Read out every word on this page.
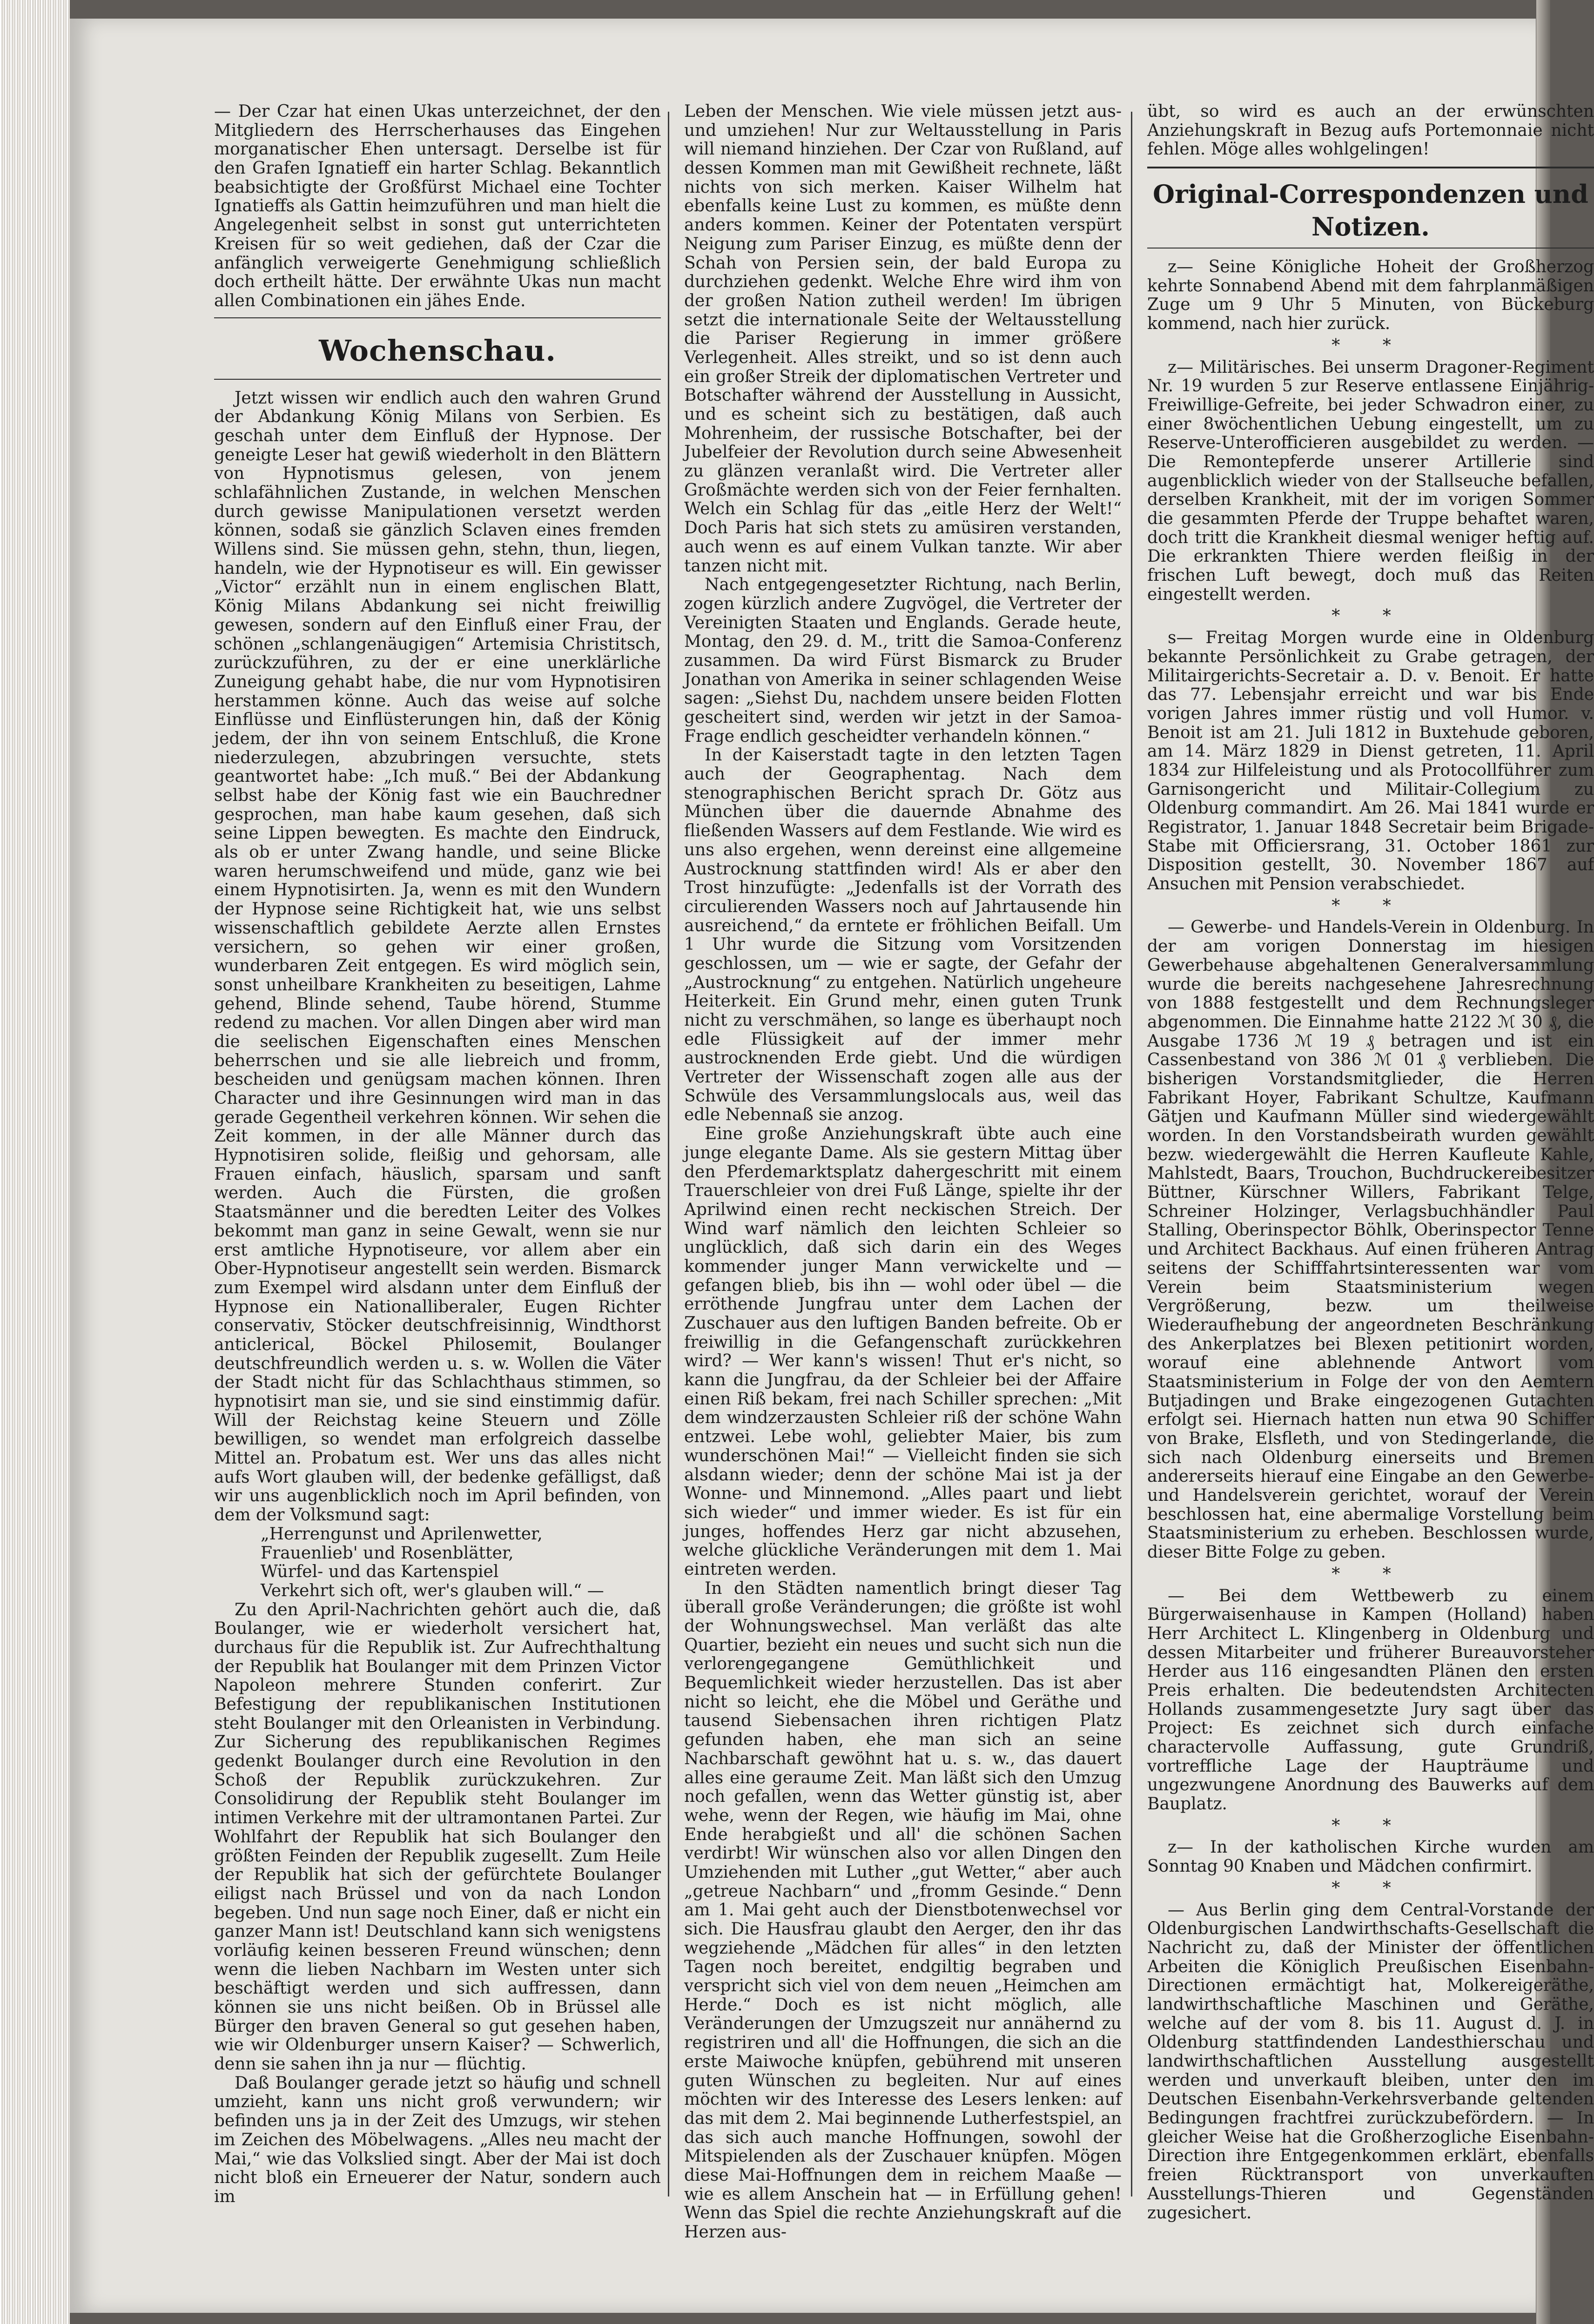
— Der Czar hat einen Ukas unterzeichnet, der den Mitgliedern des Herrscherhauses das Eingehen morganatischer Ehen untersagt. Derselbe ist für den Grafen Ignatieff ein harter Schlag. Bekanntlich beabsichtigte der Großfürst Michael eine Tochter Ignatieffs als Gattin heimzuführen und man hielt die Angelegenheit selbst in sonst gut unterrichteten Kreisen für so weit gediehen, daß der Czar die anfänglich verweigerte Genehmigung schließlich doch ertheilt hätte. Der erwähnte Ukas nun macht allen Combinationen ein jähes Ende.

Wochenschau.

Jetzt wissen wir endlich auch den wahren Grund der Abdankung König Milans von Serbien. Es geschah unter dem Einfluß der Hypnose. Der geneigte Leser hat gewiß wiederholt in den Blättern von Hypnotismus gelesen, von jenem schlafähnlichen Zustande, in welchen Menschen durch gewisse Manipulationen versetzt werden können, sodaß sie gänzlich Sclaven eines fremden Willens sind. Sie müssen gehn, stehn, thun, liegen, handeln, wie der Hypnotiseur es will. Ein gewisser „Victor“ erzählt nun in einem englischen Blatt, König Milans Abdankung sei nicht freiwillig gewesen, sondern auf den Einfluß einer Frau, der schönen „schlangenäugigen“ Artemisia Christitsch, zurückzuführen, zu der er eine unerklärliche Zuneigung gehabt habe, die nur vom Hypnotisiren herstammen könne. Auch das weise auf solche Einflüsse und Einflüsterungen hin, daß der König jedem, der ihn von seinem Entschluß, die Krone niederzulegen, abzubringen versuchte, stets geantwortet habe: „Ich muß.“ Bei der Abdankung selbst habe der König fast wie ein Bauchredner gesprochen, man habe kaum gesehen, daß sich seine Lippen bewegten. Es machte den Eindruck, als ob er unter Zwang handle, und seine Blicke waren herumschweifend und müde, ganz wie bei einem Hypnotisirten. Ja, wenn es mit den Wundern der Hypnose seine Richtigkeit hat, wie uns selbst wissenschaftlich gebildete Aerzte allen Ernstes versichern, so gehen wir einer großen, wunderbaren Zeit entgegen. Es wird möglich sein, sonst unheilbare Krankheiten zu beseitigen, Lahme gehend, Blinde sehend, Taube hörend, Stumme redend zu machen. Vor allen Dingen aber wird man die seelischen Eigenschaften eines Menschen beherrschen und sie alle liebreich und fromm, bescheiden und genügsam machen können. Ihren Character und ihre Gesinnungen wird man in das gerade Gegentheil verkehren können. Wir sehen die Zeit kommen, in der alle Männer durch das Hypnotisiren solide, fleißig und gehorsam, alle Frauen einfach, häuslich, sparsam und sanft werden. Auch die Fürsten, die großen Staatsmänner und die beredten Leiter des Volkes bekommt man ganz in seine Gewalt, wenn sie nur erst amtliche Hypnotiseure, vor allem aber ein Ober-Hypnotiseur angestellt sein werden. Bismarck zum Exempel wird alsdann unter dem Einfluß der Hypnose ein Nationalliberaler, Eugen Richter conservativ, Stöcker deutschfreisinnig, Windthorst anticlerical, Böckel Philosemit, Boulanger deutschfreundlich werden u. s. w. Wollen die Väter der Stadt nicht für das Schlachthaus stimmen, so hypnotisirt man sie, und sie sind einstimmig dafür. Will der Reichstag keine Steuern und Zölle bewilligen, so wendet man erfolgreich dasselbe Mittel an. Probatum est. Wer uns das alles nicht aufs Wort glauben will, der bedenke gefälligst, daß wir uns augenblicklich noch im April befinden, von dem der Volksmund sagt:

„Herrengunst und Aprilenwetter,

Frauenlieb' und Rosenblätter,

Würfel- und das Kartenspiel

Verkehrt sich oft, wer's glauben will.“ —

Zu den April-Nachrichten gehört auch die, daß Boulanger, wie er wiederholt versichert hat, durchaus für die Republik ist. Zur Aufrechthaltung der Republik hat Boulanger mit dem Prinzen Victor Napoleon mehrere Stunden conferirt. Zur Befestigung der republikanischen Institutionen steht Boulanger mit den Orleanisten in Verbindung. Zur Sicherung des republikanischen Regimes gedenkt Boulanger durch eine Revolution in den Schoß der Republik zurückzukehren. Zur Consolidirung der Republik steht Boulanger im intimen Verkehre mit der ultramontanen Partei. Zur Wohlfahrt der Republik hat sich Boulanger den größten Feinden der Republik zugesellt. Zum Heile der Republik hat sich der gefürchtete Boulanger eiligst nach Brüssel und von da nach London begeben. Und nun sage noch Einer, daß er nicht ein ganzer Mann ist! Deutschland kann sich wenigstens vorläufig keinen besseren Freund wünschen; denn wenn die lieben Nachbarn im Westen unter sich beschäftigt werden und sich auffressen, dann können sie uns nicht beißen. Ob in Brüssel alle Bürger den braven General so gut gesehen haben, wie wir Oldenburger unsern Kaiser? — Schwerlich, denn sie sahen ihn ja nur — flüchtig.

Daß Boulanger gerade jetzt so häufig und schnell umzieht, kann uns nicht groß verwundern; wir befinden uns ja in der Zeit des Umzugs, wir stehen im Zeichen des Möbelwagens. „Alles neu macht der Mai,“ wie das Volkslied singt. Aber der Mai ist doch nicht bloß ein Erneuerer der Natur, sondern auch im

Leben der Menschen. Wie viele müssen jetzt aus- und umziehen! Nur zur Weltausstellung in Paris will niemand hinziehen. Der Czar von Rußland, auf dessen Kommen man mit Gewißheit rechnete, läßt nichts von sich merken. Kaiser Wilhelm hat ebenfalls keine Lust zu kommen, es müßte denn anders kommen. Keiner der Potentaten verspürt Neigung zum Pariser Einzug, es müßte denn der Schah von Persien sein, der bald Europa zu durchziehen gedenkt. Welche Ehre wird ihm von der großen Nation zutheil werden! Im übrigen setzt die internationale Seite der Weltausstellung die Pariser Regierung in immer größere Verlegenheit. Alles streikt, und so ist denn auch ein großer Streik der diplomatischen Vertreter und Botschafter während der Ausstellung in Aussicht, und es scheint sich zu bestätigen, daß auch Mohrenheim, der russische Botschafter, bei der Jubelfeier der Revolution durch seine Abwesenheit zu glänzen veranlaßt wird. Die Vertreter aller Großmächte werden sich von der Feier fernhalten. Welch ein Schlag für das „eitle Herz der Welt!“ Doch Paris hat sich stets zu amüsiren verstanden, auch wenn es auf einem Vulkan tanzte. Wir aber tanzen nicht mit.

Nach entgegengesetzter Richtung, nach Berlin, zogen kürzlich andere Zugvögel, die Vertreter der Vereinigten Staaten und Englands. Gerade heute, Montag, den 29. d. M., tritt die Samoa-Conferenz zusammen. Da wird Fürst Bismarck zu Bruder Jonathan von Amerika in seiner schlagenden Weise sagen: „Siehst Du, nachdem unsere beiden Flotten gescheitert sind, werden wir jetzt in der Samoa-Frage endlich gescheidter verhandeln können.“

In der Kaiserstadt tagte in den letzten Tagen auch der Geographentag. Nach dem stenographischen Bericht sprach Dr. Götz aus München über die dauernde Abnahme des fließenden Wassers auf dem Festlande. Wie wird es uns also ergehen, wenn dereinst eine allgemeine Austrocknung stattfinden wird! Als er aber den Trost hinzufügte: „Jedenfalls ist der Vorrath des circulierenden Wassers noch auf Jahrtausende hin ausreichend,“ da erntete er fröhlichen Beifall. Um 1 Uhr wurde die Sitzung vom Vorsitzenden geschlossen, um — wie er sagte, der Gefahr der „Austrocknung“ zu entgehen. Natürlich ungeheure Heiterkeit. Ein Grund mehr, einen guten Trunk nicht zu verschmähen, so lange es überhaupt noch edle Flüssigkeit auf der immer mehr austrocknenden Erde giebt. Und die würdigen Vertreter der Wissenschaft zogen alle aus der Schwüle des Versammlungslocals aus, weil das edle Nebennaß sie anzog.

Eine große Anziehungskraft übte auch eine junge elegante Dame. Als sie gestern Mittag über den Pferdemarktsplatz dahergeschritt mit einem Trauerschleier von drei Fuß Länge, spielte ihr der Aprilwind einen recht neckischen Streich. Der Wind warf nämlich den leichten Schleier so unglücklich, daß sich darin ein des Weges kommender junger Mann verwickelte und — gefangen blieb, bis ihn — wohl oder übel — die erröthende Jungfrau unter dem Lachen der Zuschauer aus den luftigen Banden befreite. Ob er freiwillig in die Gefangenschaft zurückkehren wird? — Wer kann's wissen! Thut er's nicht, so kann die Jungfrau, da der Schleier bei der Affaire einen Riß bekam, frei nach Schiller sprechen: „Mit dem windzerzausten Schleier riß der schöne Wahn entzwei. Lebe wohl, geliebter Maier, bis zum wunderschönen Mai!“ — Vielleicht finden sie sich alsdann wieder; denn der schöne Mai ist ja der Wonne- und Minnemond. „Alles paart und liebt sich wieder“ und immer wieder. Es ist für ein junges, hoffendes Herz gar nicht abzusehen, welche glückliche Veränderungen mit dem 1. Mai eintreten werden.

In den Städten namentlich bringt dieser Tag überall große Veränderungen; die größte ist wohl der Wohnungswechsel. Man verläßt das alte Quartier, bezieht ein neues und sucht sich nun die verlorengegangene Gemüthlichkeit und Bequemlichkeit wieder herzustellen. Das ist aber nicht so leicht, ehe die Möbel und Geräthe und tausend Siebensachen ihren richtigen Platz gefunden haben, ehe man sich an seine Nachbarschaft gewöhnt hat u. s. w., das dauert alles eine geraume Zeit. Man läßt sich den Umzug noch gefallen, wenn das Wetter günstig ist, aber wehe, wenn der Regen, wie häufig im Mai, ohne Ende herabgießt und all' die schönen Sachen verdirbt! Wir wünschen also vor allen Dingen den Umziehenden mit Luther „gut Wetter,“ aber auch „getreue Nachbarn“ und „fromm Gesinde.“ Denn am 1. Mai geht auch der Dienstbotenwechsel vor sich. Die Hausfrau glaubt den Aerger, den ihr das wegziehende „Mädchen für alles“ in den letzten Tagen noch bereitet, endgiltig begraben und verspricht sich viel von dem neuen „Heimchen am Herde.“ Doch es ist nicht möglich, alle Veränderungen der Umzugszeit nur annähernd zu registriren und all' die Hoffnungen, die sich an die erste Maiwoche knüpfen, gebührend mit unseren guten Wünschen zu begleiten. Nur auf eines möchten wir des Interesse des Lesers lenken: auf das mit dem 2. Mai beginnende Lutherfestspiel, an das sich auch manche Hoffnungen, sowohl der Mitspielenden als der Zuschauer knüpfen. Mögen diese Mai-Hoffnungen dem in reichem Maaße — wie es allem Anschein hat — in Erfüllung gehen! Wenn das Spiel die rechte Anziehungskraft auf die Herzen aus-

übt, so wird es auch an der erwünschten Anziehungskraft in Bezug aufs Portemonnaie nicht fehlen. Möge alles wohlgelingen!

Original-Correspondenzen und Notizen.

z— Seine Königliche Hoheit der Großherzog kehrte Sonnabend Abend mit dem fahrplanmäßigen Zuge um 9 Uhr 5 Minuten, von Bückeburg kommend, nach hier zurück.

* *

z— Militärisches. Bei unserm Dragoner-Regiment Nr. 19 wurden 5 zur Reserve entlassene Einjährig-Freiwillige-Gefreite, bei jeder Schwadron einer, zu einer 8wöchentlichen Uebung eingestellt, um zu Reserve-Unterofficieren ausgebildet zu werden. — Die Remontepferde unserer Artillerie sind augenblicklich wieder von der Stallseuche befallen, derselben Krankheit, mit der im vorigen Sommer die gesammten Pferde der Truppe behaftet waren, doch tritt die Krankheit diesmal weniger heftig auf. Die erkrankten Thiere werden fleißig in der frischen Luft bewegt, doch muß das Reiten eingestellt werden.

* *

s— Freitag Morgen wurde eine in Oldenburg bekannte Persönlichkeit zu Grabe getragen, der Militairgerichts-Secretair a. D. v. Benoit. Er hatte das 77. Lebensjahr erreicht und war bis Ende vorigen Jahres immer rüstig und voll Humor. v. Benoit ist am 21. Juli 1812 in Buxtehude geboren, am 14. März 1829 in Dienst getreten, 11. April 1834 zur Hilfeleistung und als Protocollführer zum Garnisongericht und Militair-Collegium zu Oldenburg commandirt. Am 26. Mai 1841 wurde er Registrator, 1. Januar 1848 Secretair beim Brigade-Stabe mit Officiersrang, 31. October 1861 zur Disposition gestellt, 30. November 1867 auf Ansuchen mit Pension verabschiedet.

* *

— Gewerbe- und Handels-Verein in Oldenburg. In der am vorigen Donnerstag im hiesigen Gewerbehause abgehaltenen Generalversammlung wurde die bereits nachgesehene Jahresrechnung von 1888 festgestellt und dem Rechnungsleger abgenommen. Die Einnahme hatte 2122 ℳ 30 ₰, die Ausgabe 1736 ℳ 19 ₰ betragen und ist ein Cassenbestand von 386 ℳ 01 ₰ verblieben. Die bisherigen Vorstandsmitglieder, die Herren Fabrikant Hoyer, Fabrikant Schultze, Kaufmann Gätjen und Kaufmann Müller sind wiedergewählt worden. In den Vorstandsbeirath wurden gewählt bezw. wiedergewählt die Herren Kaufleute Kahle, Mahlstedt, Baars, Trouchon, Buchdruckereibesitzer Büttner, Kürschner Willers, Fabrikant Telge, Schreiner Holzinger, Verlagsbuchhändler Paul Stalling, Oberinspector Böhlk, Oberinspector Tenne und Architect Backhaus. Auf einen früheren Antrag seitens der Schifffahrtsinteressenten war vom Verein beim Staatsministerium wegen Vergrößerung, bezw. um theilweise Wiederaufhebung der angeordneten Beschränkung des Ankerplatzes bei Blexen petitionirt worden, worauf eine ablehnende Antwort vom Staatsministerium in Folge der von den Aemtern Butjadingen und Brake eingezogenen Gutachten erfolgt sei. Hiernach hatten nun etwa 90 Schiffer von Brake, Elsfleth, und von Stedingerlande, die sich nach Oldenburg einerseits und Bremen andererseits hierauf eine Eingabe an den Gewerbe- und Handelsverein gerichtet, worauf der Verein beschlossen hat, eine abermalige Vorstellung beim Staatsministerium zu erheben. Beschlossen wurde, dieser Bitte Folge zu geben.

* *

— Bei dem Wettbewerb zu einem Bürgerwaisenhause in Kampen (Holland) haben Herr Architect L. Klingenberg in Oldenburg und dessen Mitarbeiter und früherer Bureauvorsteher Herder aus 116 eingesandten Plänen den ersten Preis erhalten. Die bedeutendsten Architecten Hollands zusammengesetzte Jury sagt über das Project: Es zeichnet sich durch einfache charactervolle Auffassung, gute Grundriß, vortreffliche Lage der Haupträume und ungezwungene Anordnung des Bauwerks auf dem Bauplatz.

* *

z— In der katholischen Kirche wurden am Sonntag 90 Knaben und Mädchen confirmirt.

* *

— Aus Berlin ging dem Central-Vorstande der Oldenburgischen Landwirthschafts-Gesellschaft die Nachricht zu, daß der Minister der öffentlichen Arbeiten die Königlich Preußischen Eisenbahn-Directionen ermächtigt hat, Molkereigeräthe, landwirthschaftliche Maschinen und Geräthe, welche auf der vom 8. bis 11. August d. J. in Oldenburg stattfindenden Landesthierschau und landwirthschaftlichen Ausstellung ausgestellt werden und unverkauft bleiben, unter den im Deutschen Eisenbahn-Verkehrsverbande geltenden Bedingungen frachtfrei zurückzubefördern. — In gleicher Weise hat die Großherzogliche Eisenbahn-Direction ihre Entgegenkommen erklärt, ebenfalls freien Rücktransport von unverkauften Ausstellungs-Thieren und Gegenständen zugesichert.
